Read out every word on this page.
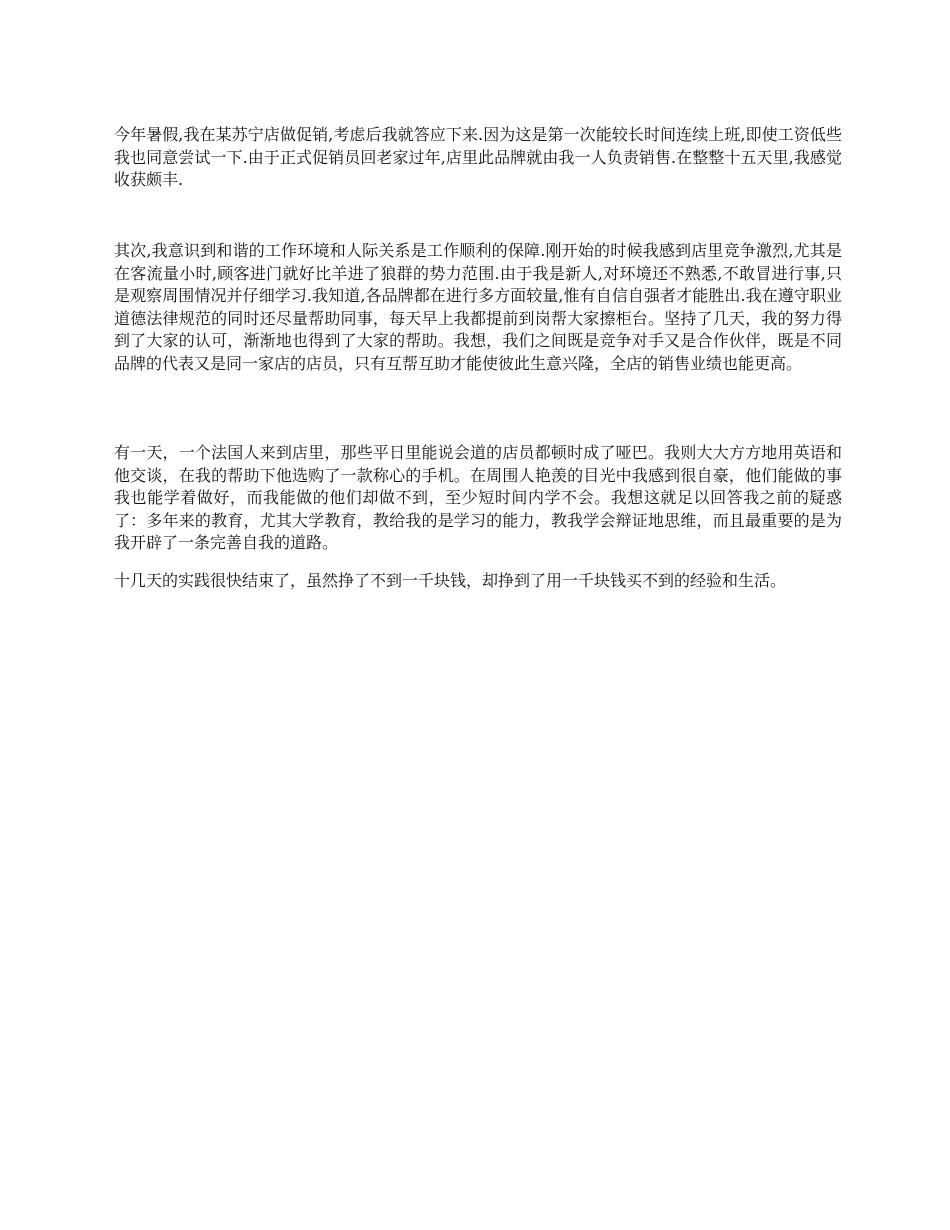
今年暑假,我在某苏宁店做促销,考虑后我就答应下来.因为这是第一次能较长时间连续上班,即使工资低些我也同意尝试一下.由于正式促销员回老家过年,店里此品牌就由我一人负责销售.在整整十五天里,我感觉收获颇丰.

其次,我意识到和谐的工作环境和人际关系是工作顺利的保障.刚开始的时候我感到店里竞争激烈,尤其是在客流量小时,顾客进门就好比羊进了狼群的势力范围.由于我是新人,对环境还不熟悉,不敢冒进行事,只是观察周围情况并仔细学习.我知道,各品牌都在进行多方面较量,惟有自信自强者才能胜出.我在遵守职业道德法律规范的同时还尽量帮助同事，每天早上我都提前到岗帮大家擦柜台。坚持了几天，我的努力得到了大家的认可，渐渐地也得到了大家的帮助。我想，我们之间既是竞争对手又是合作伙伴，既是不同品牌的代表又是同一家店的店员，只有互帮互助才能使彼此生意兴隆，全店的销售业绩也能更高。

有一天，一个法国人来到店里，那些平日里能说会道的店员都顿时成了哑巴。我则大大方方地用英语和他交谈，在我的帮助下他选购了一款称心的手机。在周围人艳羡的目光中我感到很自豪，他们能做的事我也能学着做好，而我能做的他们却做不到，至少短时间内学不会。我想这就足以回答我之前的疑惑了：多年来的教育，尤其大学教育，教给我的是学习的能力，教我学会辩证地思维，而且最重要的是为我开辟了一条完善自我的道路。

十几天的实践很快结束了，虽然挣了不到一千块钱，却挣到了用一千块钱买不到的经验和生活。
